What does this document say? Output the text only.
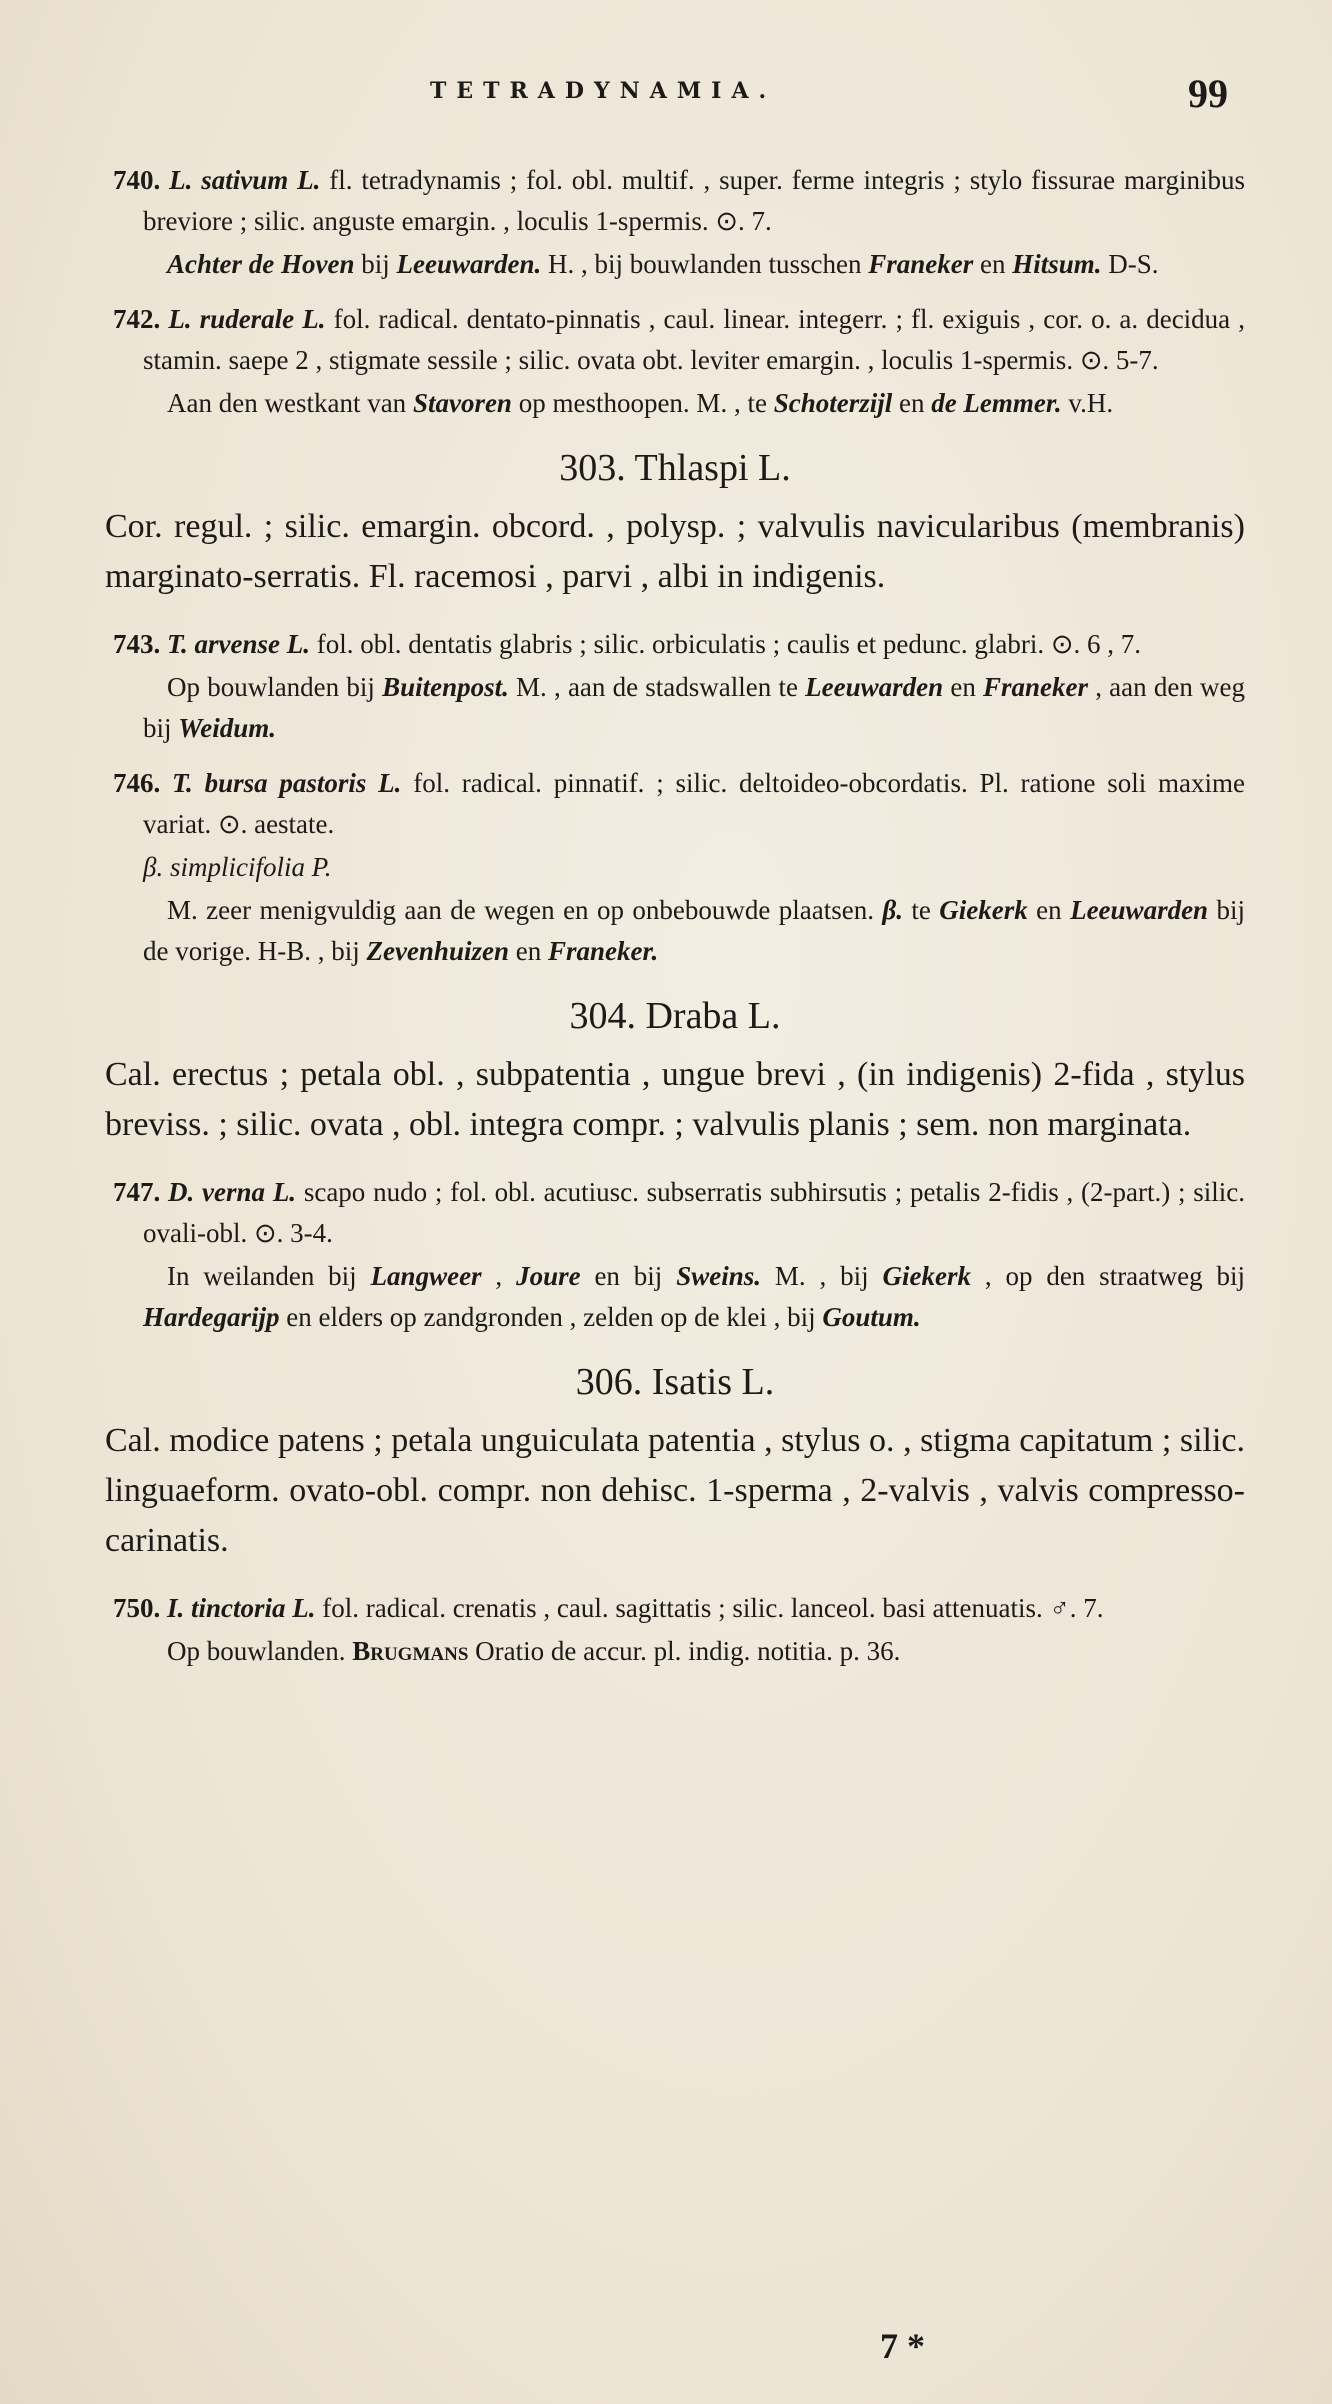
TETRADYNAMIA.	99

740. L. sativum L. fl. tetradynamis ; fol. obl. multif. , super. ferme integris ; stylo fissurae marginibus breviore ; silic. anguste emargin. , loculis 1-spermis. ⊙. 7.

Achter de Hoven bij Leeuwarden. H. , bij bouwlanden tusschen Franeker en Hitsum. D-S.

742. L. ruderale L. fol. radical. dentato-pinnatis , caul. linear. integerr. ; fl. exiguis , cor. o. a. decidua , stamin. saepe 2 , stigmate sessile ; silic. ovata obt. leviter emargin. , loculis 1-spermis. ⊙. 5-7.

Aan den westkant van Stavoren op mesthoopen. M. , te Schoterzijl en de Lemmer. v.H.

303. Thlaspi L.

Cor. regul. ; silic. emargin. obcord. , polysp. ; valvulis navicularibus (membranis) marginato-serratis. Fl. racemosi , parvi , albi in indigenis.

743. T. arvense L. fol. obl. dentatis glabris ; silic. orbiculatis ; caulis et pedunc. glabri. ⊙. 6 , 7.

Op bouwlanden bij Buitenpost. M. , aan de stadswallen te Leeuwarden en Franeker , aan den weg bij Weidum.

746. T. bursa pastoris L. fol. radical. pinnatif. ; silic. deltoideo-obcordatis. Pl. ratione soli maxime variat. ⊙. aestate.

β. simplicifolia P.

M. zeer menigvuldig aan de wegen en op onbebouwde plaatsen. β. te Giekerk en Leeuwarden bij de vorige. H-B. , bij Zevenhuizen en Franeker.

304. Draba L.

Cal. erectus ; petala obl. , subpatentia , ungue brevi , (in indigenis) 2-fida , stylus breviss. ; silic. ovata , obl. integra compr. ; valvulis planis ; sem. non marginata.

747. D. verna L. scapo nudo ; fol. obl. acutiusc. subserratis subhirsutis ; petalis 2-fidis , (2-part.) ; silic. ovali-obl. ⊙. 3-4.

In weilanden bij Langweer , Joure en bij Sweins. M. , bij Giekerk , op den straatweg bij Hardegarijp en elders op zandgronden , zelden op de klei , bij Goutum.

306. Isatis L.

Cal. modice patens ; petala unguiculata patentia , stylus o. , stigma capitatum ; silic. linguaeform. ovato-obl. compr. non dehisc. 1-sperma , 2-valvis , valvis compresso-carinatis.

750. I. tinctoria L. fol. radical. crenatis , caul. sagittatis ; silic. lanceol. basi attenuatis. ♂. 7.

Op bouwlanden. Brugmans Oratio de accur. pl. indig. notitia. p. 36.

7 *
